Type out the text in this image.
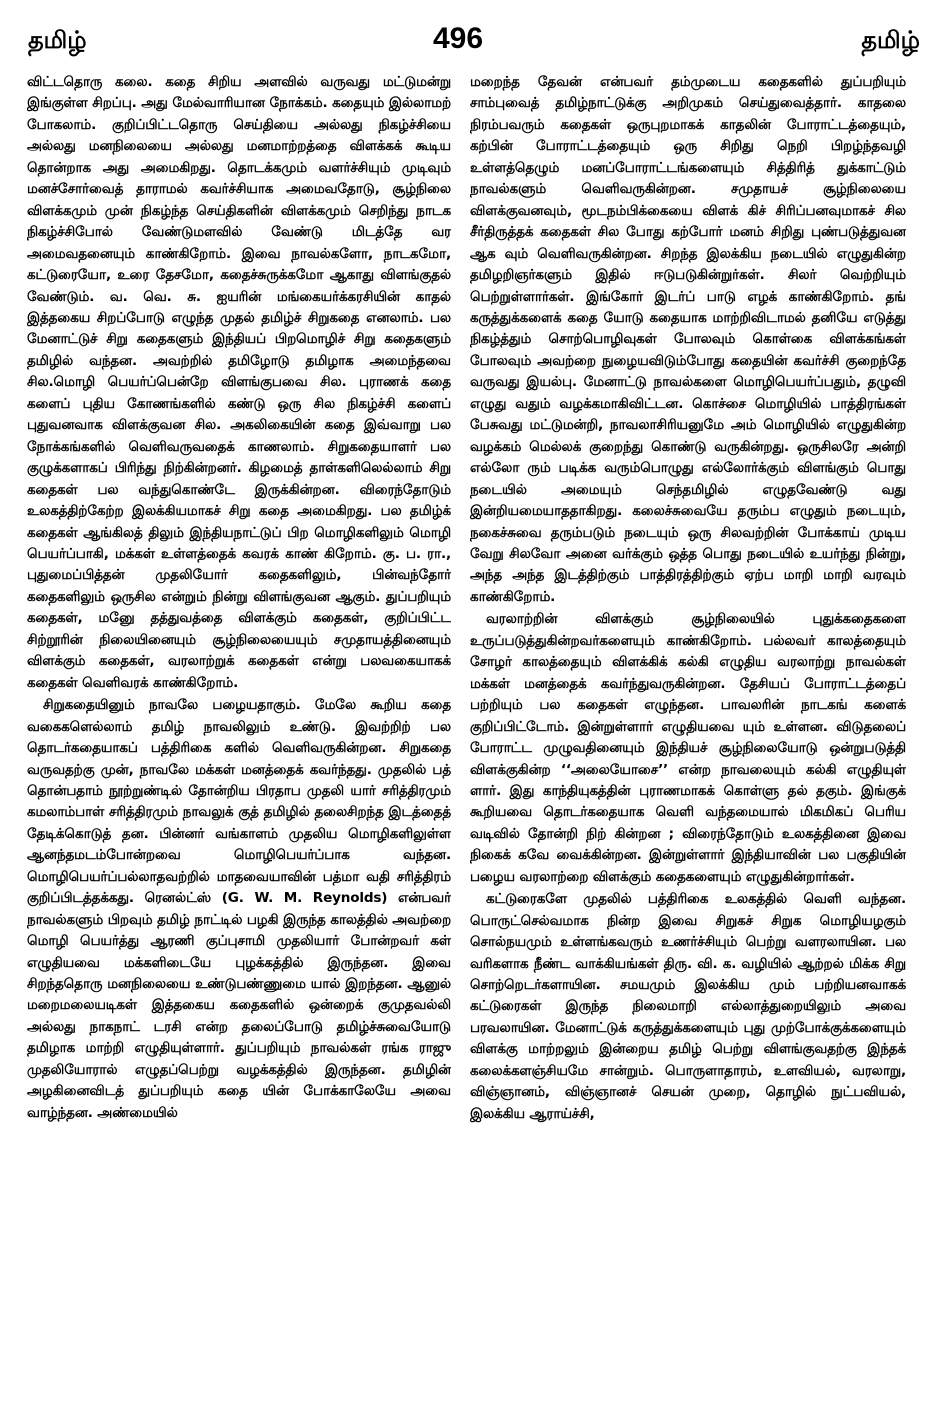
தமிழ்	496	தமிழ்

விட்டதொரு கலை. கதை சிறிய அளவில் வருவது மட்டுமன்று இங்குள்ள சிறப்பு. அது மேல்வாரியான நோக்கம். கதையும் இல்லாமற் போகலாம். குறிப்பிட்டதொரு செய்தியை அல்லது நிகழ்ச்சியை அல்லது மனநிலையை அல்லது மனமாற்றத்தை விளக்கக் கூடிய தொன்றாக அது அமைகிறது. தொடக்கமும் வளர்ச்சியும் முடிவும் மனச்சோர்வைத் தாராமல் கவர்ச்சியாக அமைவதோடு, சூழ்நிலை விளக்கமும் முன் நிகழ்ந்த செய்திகளின் விளக்கமும் செறிந்து நாடக நிகழ்ச்சிபோல் வேண்டுமளவில் வேண்டு மிடத்தே வர அமைவதனையும் காண்கிறோம். இவை நாவல்களோ, நாடகமோ, கட்டுரையோ, உரை தேசமோ, கதைச்சுருக்கமோ ஆகாது விளங்குதல் வேண்டும். வ. வெ. சு. ஐயரின் மங்கையர்க்கரசியின் காதல் இத்தகைய சிறப்போடு எழுந்த முதல் தமிழ்ச் சிறுகதை எனலாம். பல மேனாட்டுச் சிறு கதைகளும் இந்தியப் பிறமொழிச் சிறு கதைகளும் தமிழில் வந்தன. அவற்றில் தமிழோடு தமிழாக அமைந்தவை சில.மொழி பெயர்ப்பென்றே விளங்குபவை சில. புராணக் கதை களைப் புதிய கோணங்களில் கண்டு ஒரு சில நிகழ்ச்சி களைப் புதுவனவாக விளக்குவன சில. அகலிகையின் கதை இவ்வாறு பல நோக்கங்களில் வெளிவருவதைக் காணலாம். சிறுகதையாளர் பல குழுக்களாகப் பிரிந்து நிற்கின்றனர். கிழமைத் தாள்களிலெல்லாம் சிறு கதைகள் பல வந்துகொண்டே இருக்கின்றன. விரைந்தோடும் உலகத்திற்கேற்ற இலக்கியமாகச் சிறு கதை அமைகிறது. பல தமிழ்க் கதைகள் ஆங்கிலத் திலும் இந்தியநாட்டுப் பிற மொழிகளிலும் மொழி பெயர்ப்பாகி, மக்கள் உள்ளத்தைக் கவரக் காண் கிறோம். கு. ப. ரா., புதுமைப்பித்தன் முதலியோர் கதைகளிலும், பின்வந்தோர் கதைகளிலும் ஒருசில என்றும் நின்று விளங்குவன ஆகும். துப்பறியும் கதைகள், மனுே தத்துவத்தை விளக்கும் கதைகள், குறிப்பிட்ட சிற்றூரின் நிலையினையும் சூழ்நிலையையும் சமுதாயத்தினையும் விளக்கும் கதைகள், வரலாற்றுக் கதைகள் என்று பலவகையாகக் கதைகள் வெளிவரக் காண்கிறோம்.

சிறுகதையினும் நாவலே பழையதாகும். மேலே கூறிய கதை வகைகளெல்லாம் தமிழ் நாவலிலும் உண்டு. இவற்றிற் பல தொடர்கதையாகப் பத்திரிகை களில் வெளிவருகின்றன. சிறுகதை வருவதற்கு முன், நாவலே மக்கள் மனத்தைக் கவர்ந்தது. முதலில் பத் தொன்பதாம் நூற்றுண்டில் தோன்றிய பிரதாப முதலி யார் சரித்திரமும் கமலாம்பாள் சரித்திரமும் நாவலுக் குத் தமிழில் தலைசிறந்த இடத்தைத் தேடிக்கொடுத் தன. பின்னர் வங்காளம் முதலிய மொழிகளிலுள்ள ஆனந்தமடம்போன்றவை மொழிபெயர்ப்பாக வந்தன. மொழிபெயர்ப்பல்லாதவற்றில் மாதவையாவின் பத்மா வதி சரித்திரம் குறிப்பிடத்தக்கது. ரெனல்ட்ஸ் (G. W. M. Reynolds) என்பவர் நாவல்களும் பிறவும் தமிழ் நாட்டில் பழகி இருந்த காலத்தில் அவற்றை மொழி பெயர்த்து ஆரணி குப்புசாமி முதலியார் போன்றவர் கள் எழுதியவை மக்களிடையே புழக்கத்தில் இருந்தன. இவை சிறந்ததொரு மனநிலையை உண்டுபண்ணுமை யால் இறந்தன. ஆனுல் மறைமலையடிகள் இத்தகைய கதைகளில் ஒன்றைக் குமுதவல்லி அல்லது நாகநாட் டரசி என்ற தலைப்போடு தமிழ்ச்சுவையோடு தமிழாக மாற்றி எழுதியுள்ளார். துப்பறியும் நாவல்கள் ரங்க ராஜு முதலியோரால் எழுதப்பெற்று வழக்கத்தில் இருந்தன. தமிழின் அழகினைவிடத் துப்பறியும் கதை யின் போக்காலேயே அவை வாழ்ந்தன. அண்மையில்

மறைந்த தேவன் என்பவர் தம்முடைய கதைகளில் துப்பறியும் சாம்புவைத் தமிழ்நாட்டுக்கு அறிமுகம் செய்துவைத்தார். காதலை நிரம்பவரும் கதைகள் ஒருபுறமாகக் காதலின் போராட்டத்தையும், கற்பின் போராட்டத்தையும் ஒரு சிறிது நெறி பிறழ்ந்தவழி உள்ளத்தெழும் மனப்போராட்டங்களையும் சித்திரித் துக்காட்டும் நாவல்களும் வெளிவருகின்றன. சமுதாயச் சூழ்நிலையை விளக்குவனவும், மூடநம்பிக்கையை விளக் கிச் சிரிப்பனவுமாகச் சில சீர்திருத்தக் கதைகள் சில போது கற்போர் மனம் சிறிது புண்படுத்துவன ஆக வும் வெளிவருகின்றன. சிறந்த இலக்கிய நடையில் எழுதுகின்ற தமிழறிஞர்களும் இதில் ஈடுபடுகின்றுர்கள். சிலர் வெற்றியும் பெற்றுள்ளார்கள். இங்கோர் இடர்ப் பாடு எழக் காண்கிறோம். தங் கருத்துக்களைக் கதை யோடு கதையாக மாற்றிவிடாமல் தனியே எடுத்து நிகழ்த்தும் சொற்பொழிவுகள் போலவும் கொள்கை விளக்கங்கள் போலவும் அவற்றை நுழையவிடும்போது கதையின் கவர்ச்சி குறைந்தே வருவது இயல்பு. மேனாட்டு நாவல்களை மொழிபெயர்ப்பதும், தழுவி எழுது வதும் வழக்கமாகிவிட்டன. கொச்சை மொழியில் பாத்திரங்கள் பேசுவது மட்டுமன்றி, நாவலாசிரியனுமே அம் மொழியில் எழுதுகின்ற வழக்கம் மெல்லக் குறைந்து கொண்டு வருகின்றது. ஒருசிலரே அன்றி எல்லோ ரும் படிக்க வரும்பொழுது எல்லோர்க்கும் விளங்கும் பொது நடையில் அமையும் செந்தமிழில் எழுதவேண்டு வது இன்றியமையாததாகிறது. கலைச்சுவையே தரும்ப எழுதும் நடையும், நகைச்சுவை தரும்படும் நடையும் ஒரு சிலவற்றின் போக்காய் முடிய வேறு சிலவோ அனை வர்க்கும் ஒத்த பொது நடையில் உயர்ந்து நின்று, அந்த அந்த இடத்திற்கும் பாத்திரத்திற்கும் ஏற்ப மாறி மாறி வரவும் காண்கிறோம்.

வரலாற்றின் விளக்கும் சூழ்நிலையில் புதுக்கதைகளை உருப்படுத்துகின்றவர்களையும் காண்கிறோம். பல்லவர் காலத்தையும் சோழர் காலத்தையும் விளக்கிக் கல்கி எழுதிய வரலாற்று நாவல்கள் மக்கள் மனத்தைக் கவர்ந்துவருகின்றன. தேசியப் போராட்டத்தைப் பற்றியும் பல கதைகள் எழுந்தன. பாவலரின் நாடகங் களைக் குறிப்பிட்டோம். இன்றுள்ளார் எழுதியவை யும் உள்ளன. விடுதலைப் போராட்ட முழுவதினையும் இந்தியச் சூழ்நிலையோடு ஒன்றுபடுத்தி விளக்குகின்ற ‘‘அலையோசை’’ என்ற நாவலையும் கல்கி எழுதியுள் ளார். இது காந்தியுகத்தின் புராணமாகக் கொள்ளு தல் தகும். இங்குக் கூறியவை தொடர்கதையாக வெளி வந்தமையால் மிகமிகப் பெரிய வடிவில் தோன்றி நிற் கின்றன ; விரைந்தோடும் உலகத்தினை இவை நிகைக் கவே வைக்கின்றன. இன்றுள்ளார் இந்தியாவின் பல பகுதியின் பழைய வரலாற்றை விளக்கும் கதைகளையும் எழுதுகின்றார்கள்.

கட்டுரைகளே முதலில் பத்திரிகை உலகத்தில் வெளி வந்தன. பொருட்செல்வமாக நின்ற இவை சிறுகச் சிறுக மொழியழகும் சொல்நயமும் உள்ளங்கவரும் உணர்ச்சியும் பெற்று வளரலாயின. பல வரிகளாக நீண்ட வாக்கியங்கள் திரு. வி. க. வழியில் ஆற்றல் மிக்க சிறு சொற்றெடர்களாயின. சமயமும் இலக்கிய மும் பற்றியனவாகக் கட்டுரைகள் இருந்த நிலைமாறி எல்லாத்துறையிலும் அவை பரவலாயின. மேனாட்டுக் கருத்துக்களையும் புது முற்போக்குக்களையும் விளக்கு மாற்றலும் இன்றைய தமிழ் பெற்று விளங்குவதற்கு இந்தக் கலைக்களஞ்சியமே சான்றும். பொருளாதாரம், உளவியல், வரலாறு, விஞ்ஞானம், விஞ்ஞானச் செயன் முறை, தொழில் நுட்பவியல், இலக்கிய ஆராய்ச்சி,
